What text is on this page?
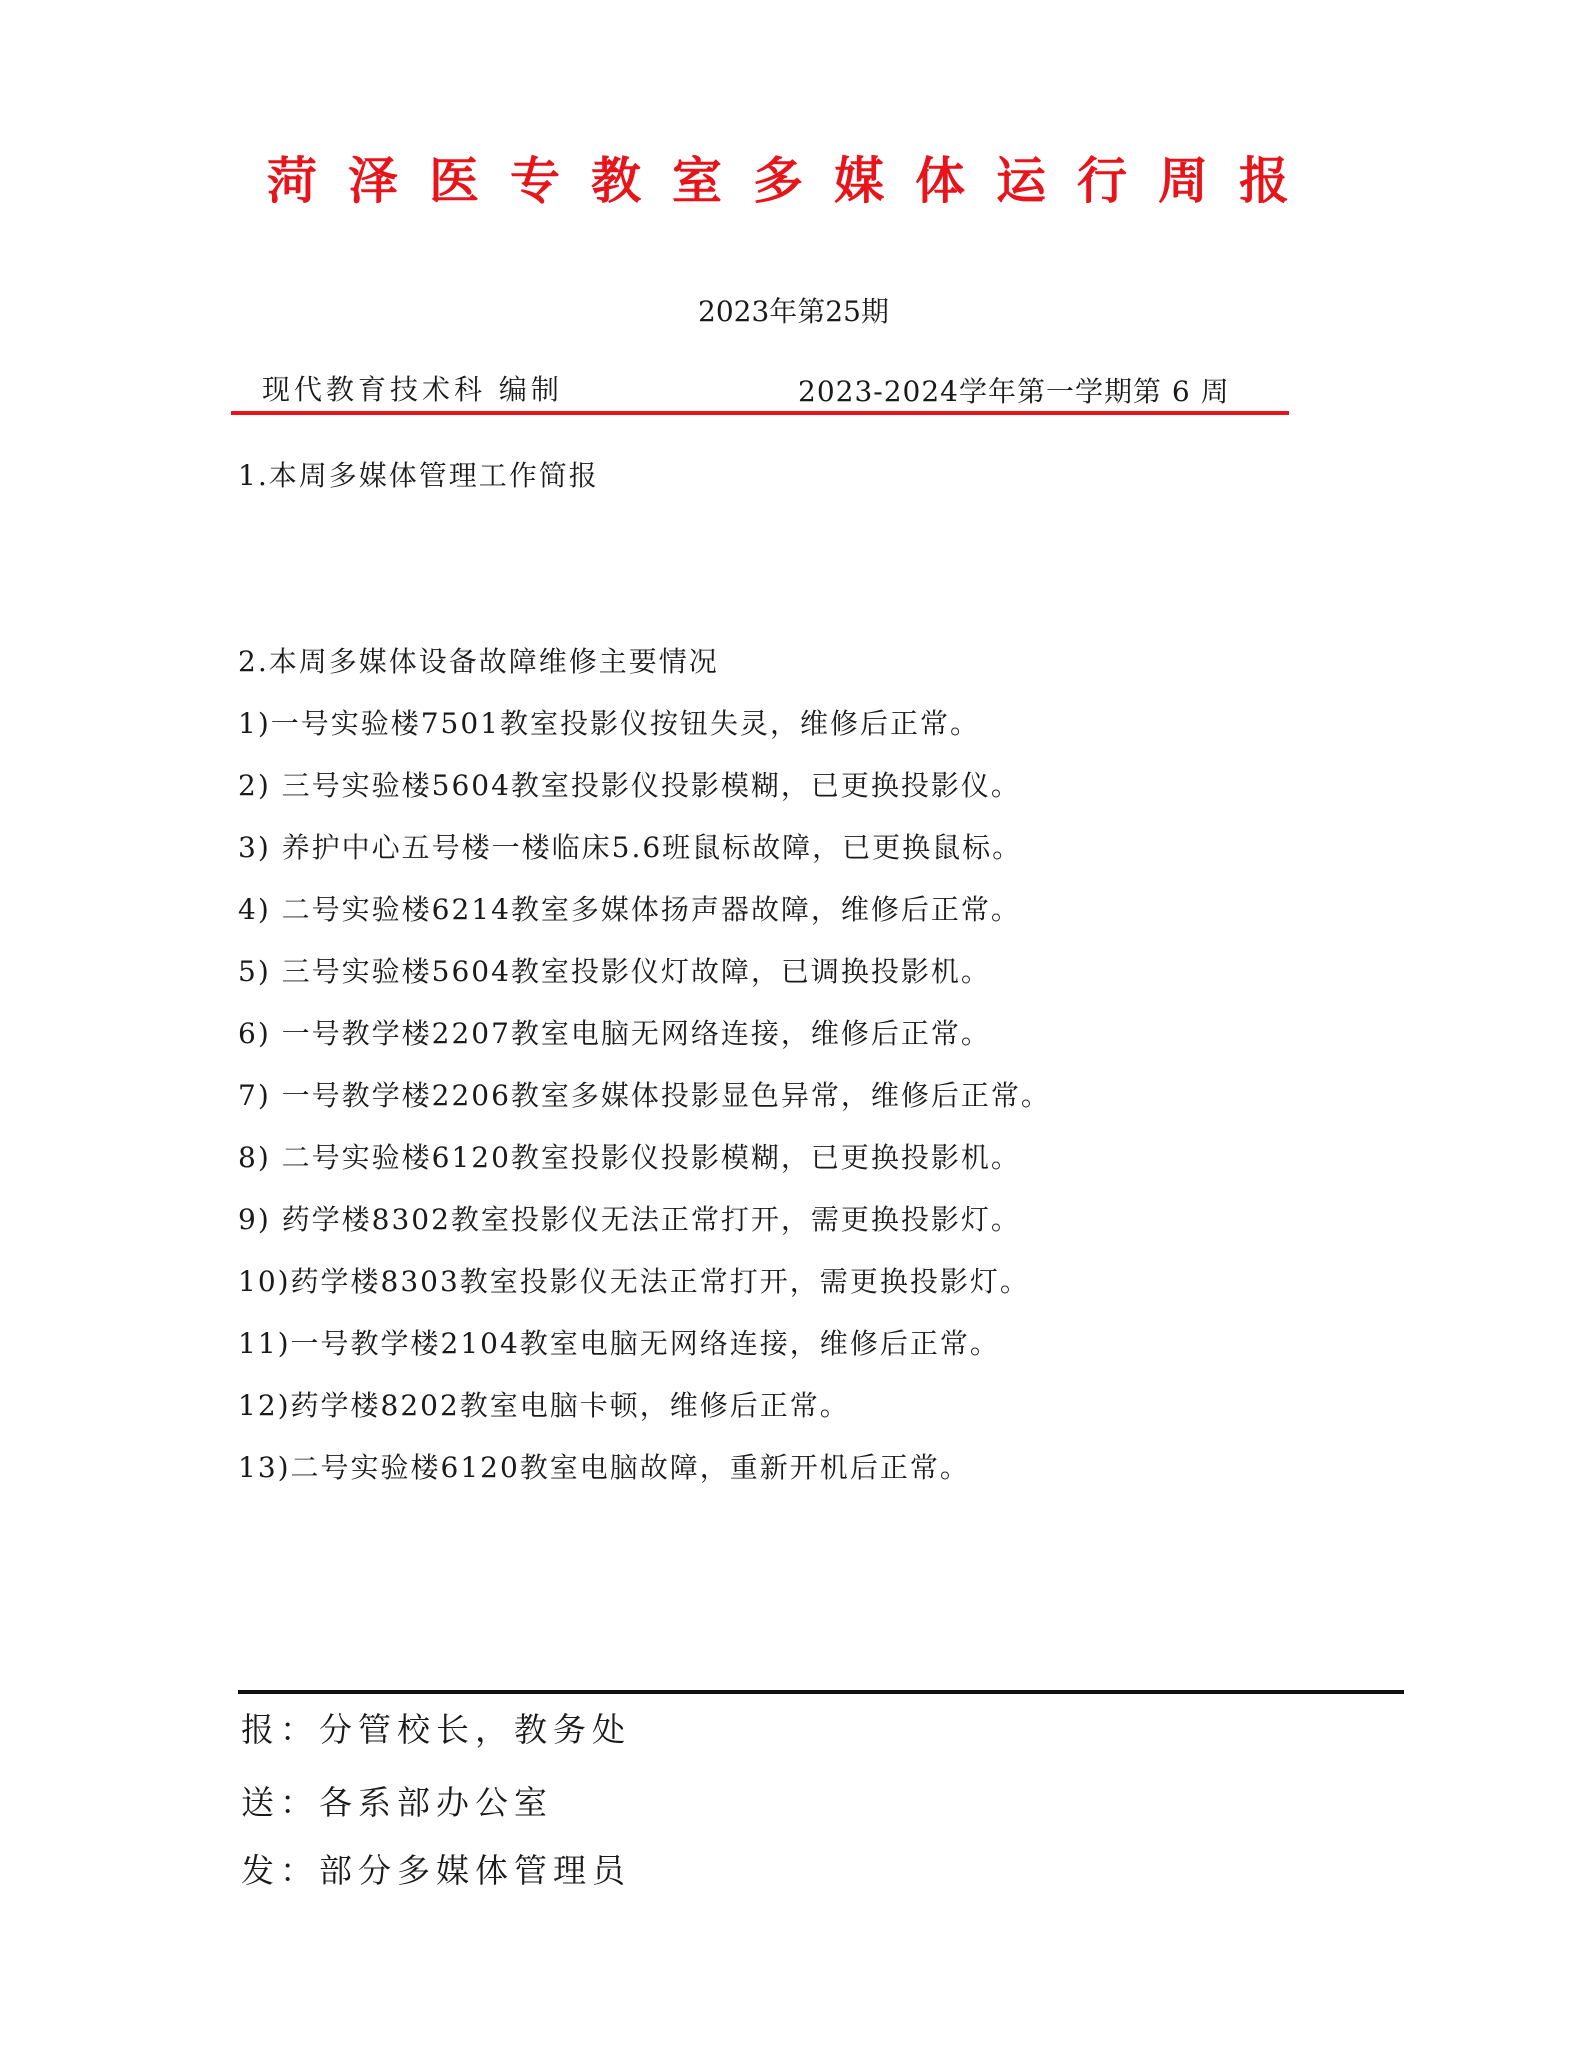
菏泽医专教室多媒体运行周报
2023年第25期
现代教育技术科 编制	2023-2024学年第一学期第 6 周
1.本周多媒体管理工作简报
2.本周多媒体设备故障维修主要情况
1)一号实验楼7501教室投影仪按钮失灵，维修后正常。
2) 三号实验楼5604教室投影仪投影模糊，已更换投影仪。
3) 养护中心五号楼一楼临床5.6班鼠标故障，已更换鼠标。
4) 二号实验楼6214教室多媒体扬声器故障，维修后正常。
5) 三号实验楼5604教室投影仪灯故障，已调换投影机。
6) 一号教学楼2207教室电脑无网络连接，维修后正常。
7) 一号教学楼2206教室多媒体投影显色异常，维修后正常。
8) 二号实验楼6120教室投影仪投影模糊，已更换投影机。
9) 药学楼8302教室投影仪无法正常打开，需更换投影灯。
10)药学楼8303教室投影仪无法正常打开，需更换投影灯。
11)一号教学楼2104教室电脑无网络连接，维修后正常。
12)药学楼8202教室电脑卡顿，维修后正常。
13)二号实验楼6120教室电脑故障，重新开机后正常。
报：分管校长，教务处
送：各系部办公室
发：部分多媒体管理员
